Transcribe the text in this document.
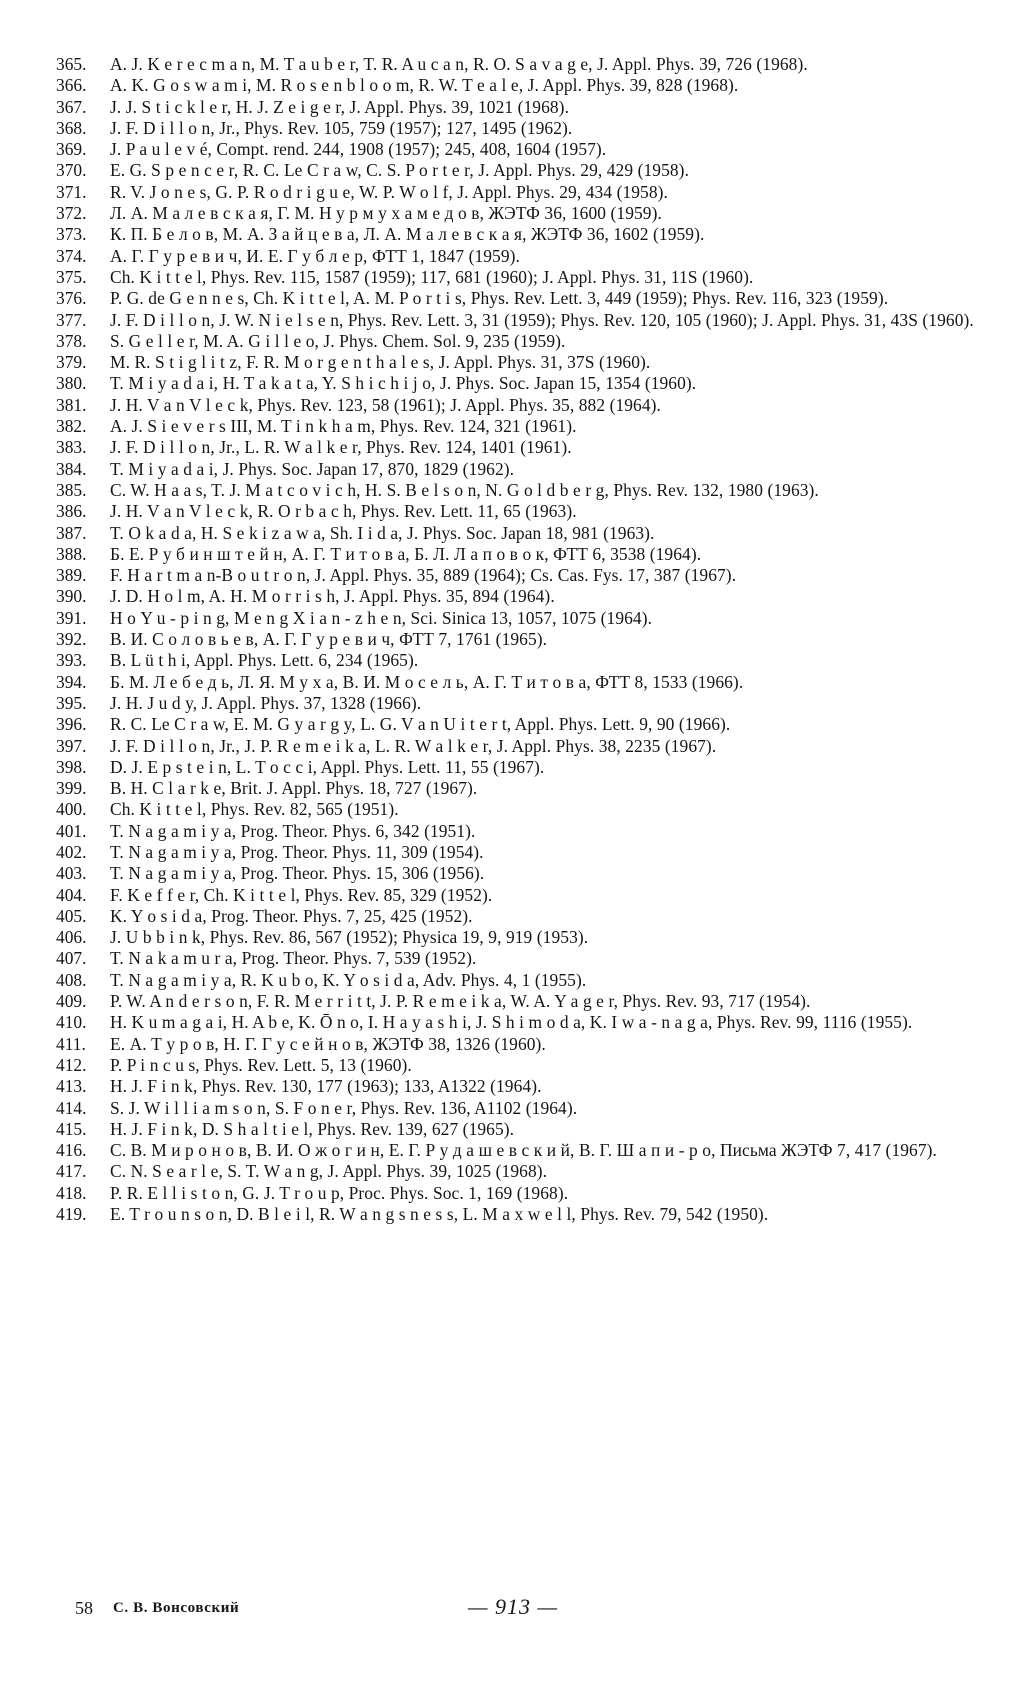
365.	A. J. K e r e c m a n, M. T a u b e r, T. R. A u c a n, R. O. S a v a g e, J. Appl. Phys. 39, 726 (1968).
366.	A. K. G o s w a m i, M. R o s e n b l o o m, R. W. T e a l e, J. Appl. Phys. 39, 828 (1968).
367.	J. J. S t i c k l e r, H. J. Z e i g e r, J. Appl. Phys. 39, 1021 (1968).
368.	J. F. D i l l o n, Jr., Phys. Rev. 105, 759 (1957); 127, 1495 (1962).
369.	J. P a u l e v é, Compt. rend. 244, 1908 (1957); 245, 408, 1604 (1957).
370.	E. G. S p e n c e r, R. C. Le C r a w, C. S. P o r t e r, J. Appl. Phys. 29, 429 (1958).
371.	R. V. J o n e s, G. P. R o d r i g u e, W. P. W o l f, J. Appl. Phys. 29, 434 (1958).
372.	Л. А. М а л е в с к а я, Г. М. Н у р м у х а м е д о в, ЖЭТФ 36, 1600 (1959).
373.	К. П. Б е л о в, М. А. З а й ц е в а, Л. А. М а л е в с к а я, ЖЭТФ 36, 1602 (1959).
374.	А. Г. Г у р е в и ч, И. Е. Г у б л е р, ФТТ 1, 1847 (1959).
375.	Ch. K i t t e l, Phys. Rev. 115, 1587 (1959); 117, 681 (1960); J. Appl. Phys. 31, 11S (1960).
376.	P. G. de G e n n e s, Ch. K i t t e l, A. M. P o r t i s, Phys. Rev. Lett. 3, 449 (1959); Phys. Rev. 116, 323 (1959).
377.	J. F. D i l l o n, J. W. N i e l s e n, Phys. Rev. Lett. 3, 31 (1959); Phys. Rev. 120, 105 (1960); J. Appl. Phys. 31, 43S (1960).
378.	S. G e l l e r, M. A. G i l l e o, J. Phys. Chem. Sol. 9, 235 (1959).
379.	M. R. S t i g l i t z, F. R. M o r g e n t h a l e s, J. Appl. Phys. 31, 37S (1960).
380.	T. M i y a d a i, H. T a k a t a, Y. S h i c h i j o, J. Phys. Soc. Japan 15, 1354 (1960).
381.	J. H. V a n V l e c k, Phys. Rev. 123, 58 (1961); J. Appl. Phys. 35, 882 (1964).
382.	A. J. S i e v e r s III, M. T i n k h a m, Phys. Rev. 124, 321 (1961).
383.	J. F. D i l l o n, Jr., L. R. W a l k e r, Phys. Rev. 124, 1401 (1961).
384.	T. M i y a d a i, J. Phys. Soc. Japan 17, 870, 1829 (1962).
385.	C. W. H a a s, T. J. M a t c o v i c h, H. S. B e l s o n, N. G o l d b e r g, Phys. Rev. 132, 1980 (1963).
386.	J. H. V a n V l e c k, R. O r b a c h, Phys. Rev. Lett. 11, 65 (1963).
387.	T. O k a d a, H. S e k i z a w a, Sh. I i d a, J. Phys. Soc. Japan 18, 981 (1963).
388.	Б. Е. Р у б и н ш т е й н, А. Г. Т и т о в а, Б. Л. Л а п о в о к, ФТТ 6, 3538 (1964).
389.	F. H a r t m a n-B o u t r o n, J. Appl. Phys. 35, 889 (1964); Cs. Cas. Fys. 17, 387 (1967).
390.	J. D. H o l m, A. H. M o r r i s h, J. Appl. Phys. 35, 894 (1964).
391.	Н о Y u - p i n g, M e n g X i a n - z h e n, Sci. Sinica 13, 1057, 1075 (1964).
392.	В. И. С о л о в ь е в, А. Г. Г у р е в и ч, ФТТ 7, 1761 (1965).
393.	B. L ü t h i, Appl. Phys. Lett. 6, 234 (1965).
394.	Б. М. Л е б е д ь, Л. Я. М у х а, В. И. М о с е л ь, А. Г. Т и т о в а, ФТТ 8, 1533 (1966).
395.	J. H. J u d y, J. Appl. Phys. 37, 1328 (1966).
396.	R. C. Le C r a w, E. M. G y a r g y, L. G. V a n U i t e r t, Appl. Phys. Lett. 9, 90 (1966).
397.	J. F. D i l l o n, Jr., J. P. R e m e i k a, L. R. W a l k e r, J. Appl. Phys. 38, 2235 (1967).
398.	D. J. E p s t e i n, L. T o c c i, Appl. Phys. Lett. 11, 55 (1967).
399.	B. H. C l a r k e, Brit. J. Appl. Phys. 18, 727 (1967).
400.	Ch. K i t t e l, Phys. Rev. 82, 565 (1951).
401.	T. N a g a m i y a, Prog. Theor. Phys. 6, 342 (1951).
402.	T. N a g a m i y a, Prog. Theor. Phys. 11, 309 (1954).
403.	T. N a g a m i y a, Prog. Theor. Phys. 15, 306 (1956).
404.	F. K e f f e r, Ch. K i t t e l, Phys. Rev. 85, 329 (1952).
405.	K. Y o s i d a, Prog. Theor. Phys. 7, 25, 425 (1952).
406.	J. U b b i n k, Phys. Rev. 86, 567 (1952); Physica 19, 9, 919 (1953).
407.	T. N a k a m u r a, Prog. Theor. Phys. 7, 539 (1952).
408.	T. N a g a m i y a, R. K u b o, K. Y o s i d a, Adv. Phys. 4, 1 (1955).
409.	P. W. A n d e r s o n, F. R. M e r r i t t, J. P. R e m e i k a, W. A. Y a g e r, Phys. Rev. 93, 717 (1954).
410.	H. K u m a g a i, H. A b e, K. Ō n o, I. H a y a s h i, J. S h i m o d a, K. I w a - n a g a, Phys. Rev. 99, 1116 (1955).
411.	Е. А. Т у р о в, Н. Г. Г у с е й н о в, ЖЭТФ 38, 1326 (1960).
412.	P. P i n c u s, Phys. Rev. Lett. 5, 13 (1960).
413.	H. J. F i n k, Phys. Rev. 130, 177 (1963); 133, A1322 (1964).
414.	S. J. W i l l i a m s o n, S. F o n e r, Phys. Rev. 136, A1102 (1964).
415.	H. J. F i n k, D. S h a l t i e l, Phys. Rev. 139, 627 (1965).
416.	С. В. М и р о н о в, В. И. О ж о г и н, Е. Г. Р у д а ш е в с к и й, В. Г. Ш а п и - р о, Письма ЖЭТФ 7, 417 (1967).
417.	C. N. S e a r l e, S. T. W a n g, J. Appl. Phys. 39, 1025 (1968).
418.	P. R. E l l i s t o n, G. J. T r o u p, Proc. Phys. Soc. 1, 169 (1968).
419.	E. T r o u n s o n, D. B l e i l, R. W a n g s n e s s, L. M a x w e l l, Phys. Rev. 79, 542 (1950).
58 С. В. Вонсовский	— 913 —
